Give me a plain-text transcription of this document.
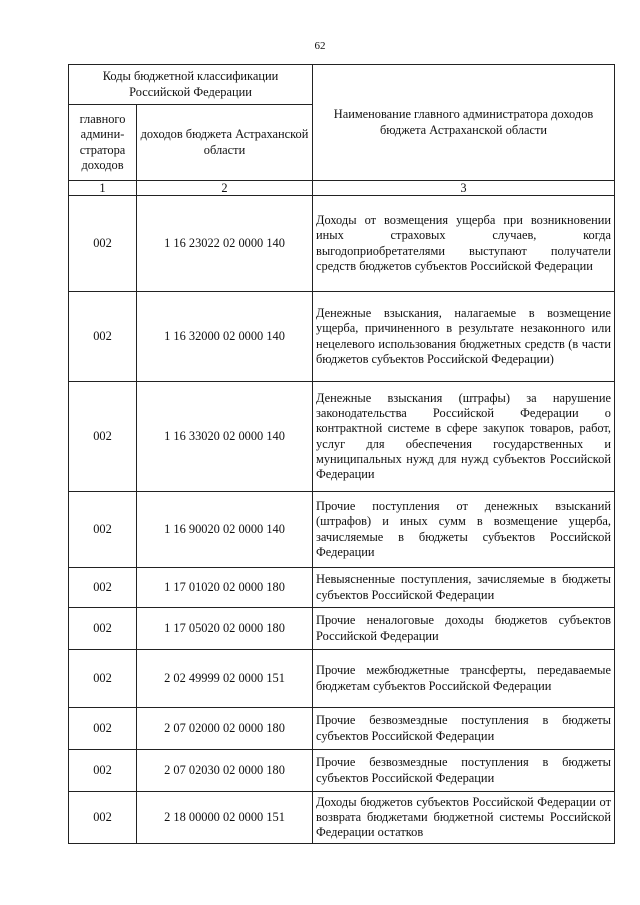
62
Коды бюджетной классификации Российской Федерации		Наименование главного администратора доходов бюджета Астраханской области
главного админи-стратора доходов	доходов бюджета Астраханской области	
1	2	3
002	1 16 23022 02 0000 140	Доходы от возмещения ущерба при возникновении иных страховых случаев, когда выгодоприобретателями выступают получатели средств бюджетов субъектов Российской Федерации
002	1 16 32000 02 0000 140	Денежные взыскания, налагаемые в возмещение ущерба, причиненного в результате незаконного или нецелевого использования бюджетных средств (в части бюджетов субъектов Российской Федерации)
002	1 16 33020 02 0000 140	Денежные взыскания (штрафы) за нарушение законодательства Российской Федерации о контрактной системе в сфере закупок товаров, работ, услуг для обеспечения государственных и муниципальных нужд для нужд субъектов Российской Федерации
002	1 16 90020 02 0000 140	Прочие поступления от денежных взысканий (штрафов) и иных сумм в возмещение ущерба, зачисляемые в бюджеты субъектов Российской Федерации
002	1 17 01020 02 0000 180	Невыясненные поступления, зачисляемые в бюджеты субъектов Российской Федерации
002	1 17 05020 02 0000 180	Прочие неналоговые доходы бюджетов субъектов Российской Федерации
002	2 02 49999 02 0000 151	Прочие межбюджетные трансферты, передаваемые бюджетам субъектов Российской Федерации
002	2 07 02000 02 0000 180	Прочие безвозмездные поступления в бюджеты субъектов Российской Федерации
002	2 07 02030 02 0000 180	Прочие безвозмездные поступления в бюджеты субъектов Российской Федерации
002	2 18 00000 02 0000 151	Доходы бюджетов субъектов Российской Федерации от возврата бюджетами бюджетной системы Российской Федерации остатков
